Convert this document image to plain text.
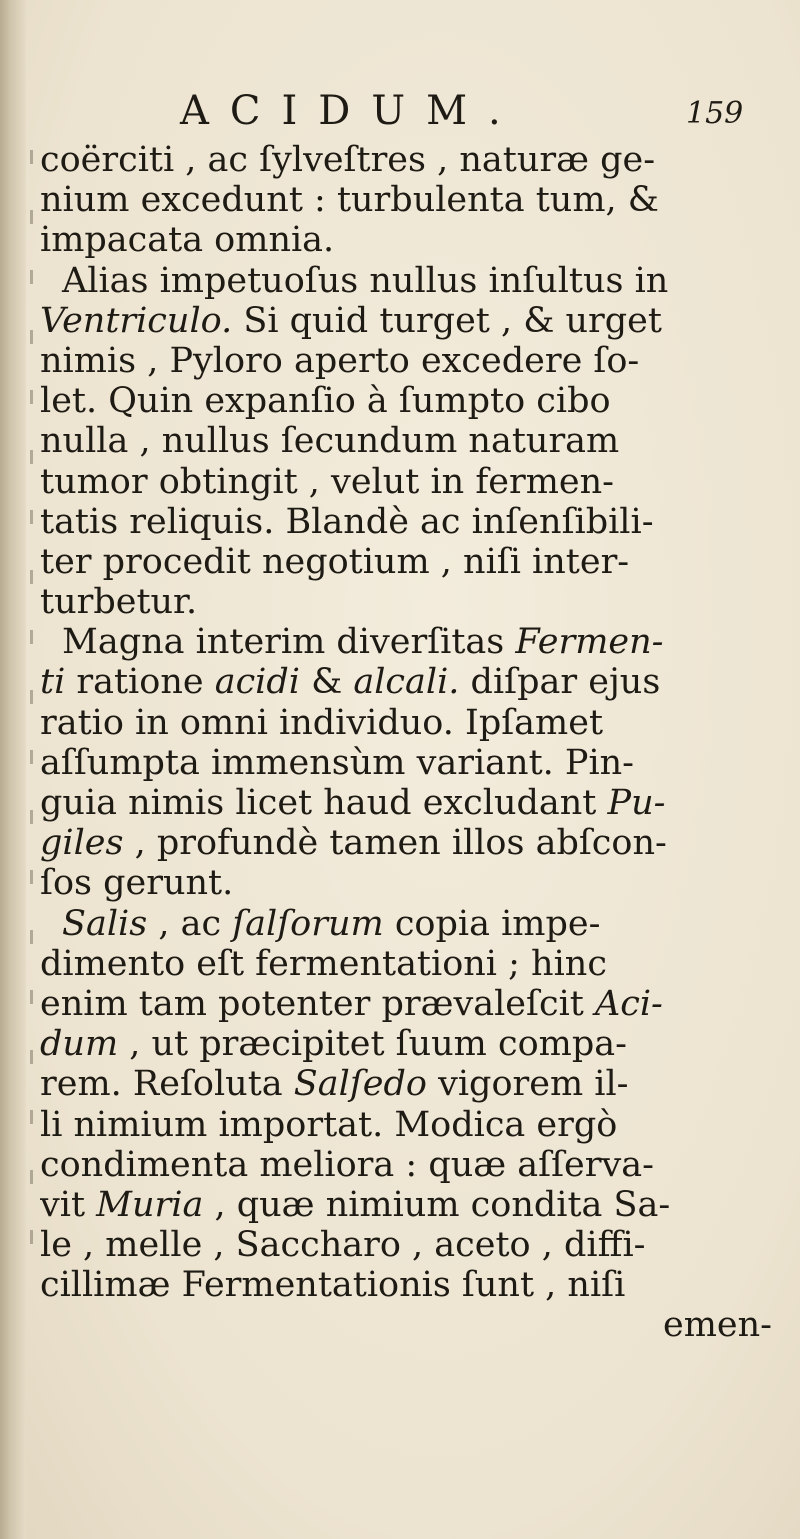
ACIDUM.	159
coërciti , ac ſylveſtres , naturæ ge-
nium excedunt : turbulenta tum, &
impacata omnia.
Alias impetuoſus nullus inſultus in
Ventriculo. Si quid turget , & urget
nimis , Pyloro aperto excedere ſo-
let. Quin expanſio à ſumpto cibo
nulla , nullus ſecundum naturam
tumor obtingit , velut in fermen-
tatis reliquis. Blandè ac inſenſibili-
ter procedit negotium , niſi inter-
turbetur.
Magna interim diverſitas Fermen-
ti ratione acidi & alcali. diſpar ejus
ratio in omni individuo. Ipſamet
aſſumpta immensùm variant. Pin-
guia nimis licet haud excludant Pu-
giles , profundè tamen illos abſcon-
ſos gerunt.
Salis , ac ſalſorum copia impe-
dimento eſt fermentationi ; hinc
enim tam potenter prævaleſcit Aci-
dum , ut præcipitet ſuum compa-
rem. Reſoluta Salſedo vigorem il-
li nimium importat. Modica ergò
condimenta meliora : quæ aſſerva-
vit Muria , quæ nimium condita Sa-
le , melle , Saccharo , aceto , diffi-
cillimæ Fermentationis ſunt , niſi
emen-
